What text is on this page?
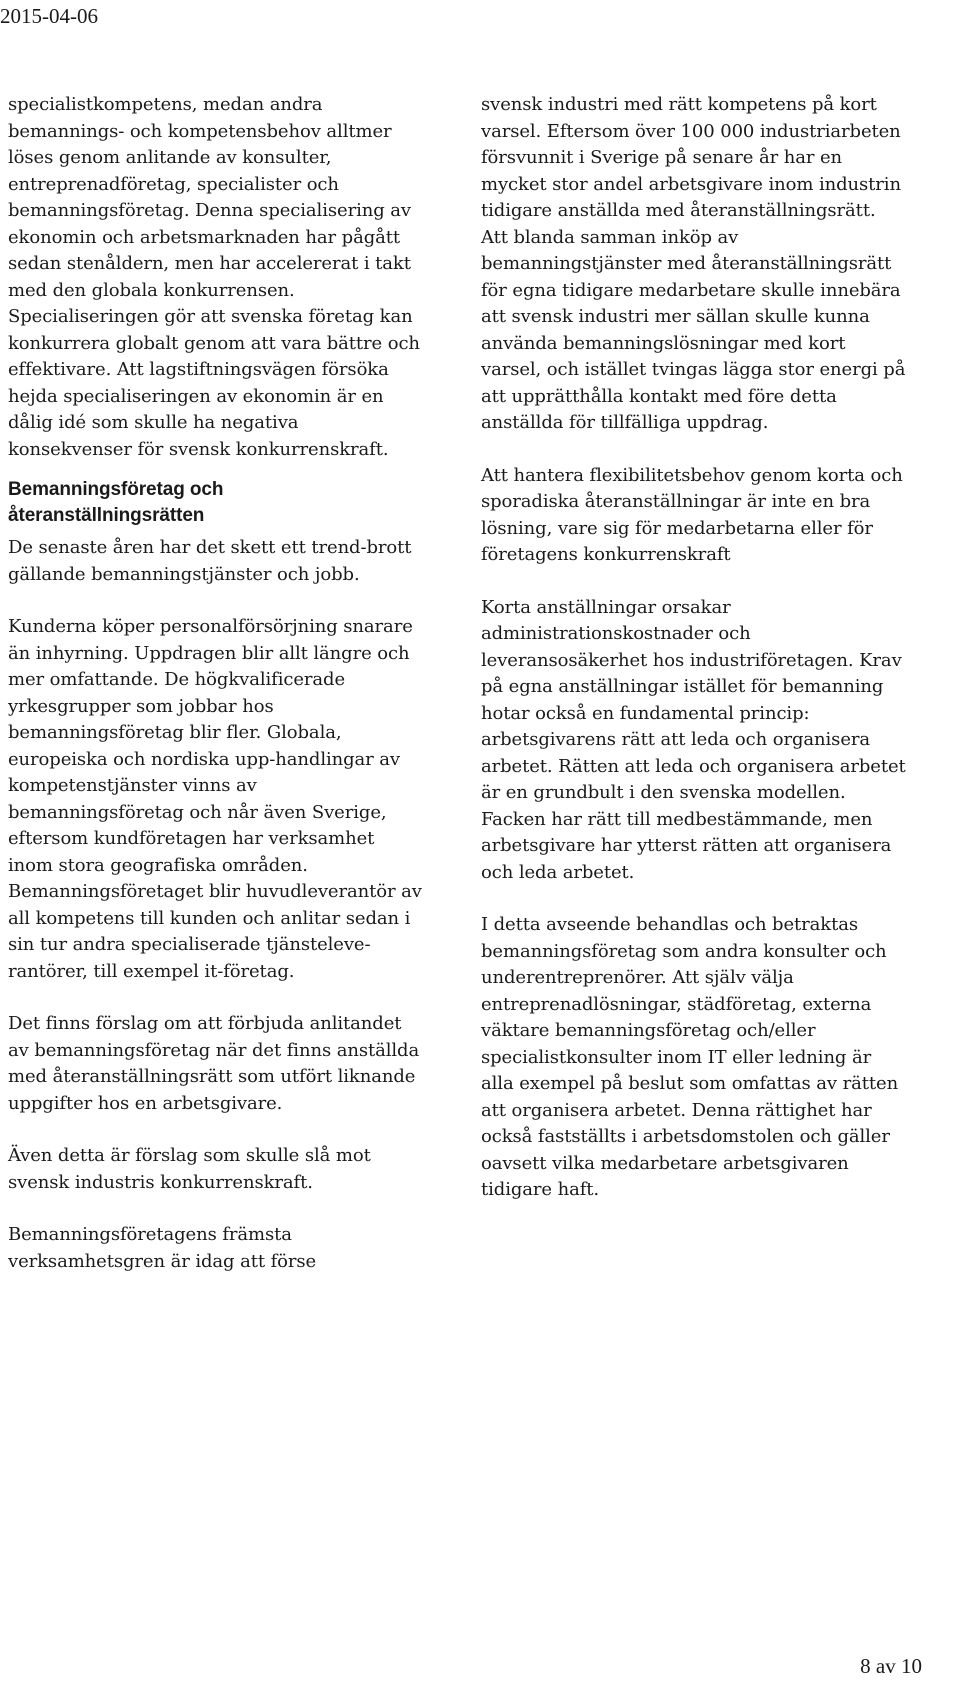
2015-04-06

specialistkompetens, medan andra bemannings- och kompetensbehov alltmer löses genom anlitande av konsulter, entreprenadföretag, specialister och bemanningsföretag. Denna specialisering av ekonomin och arbetsmarknaden har pågått sedan stenåldern, men har accelererat i takt med den globala konkurrensen. Specialiseringen gör att svenska företag kan konkurrera globalt genom att vara bättre och effektivare. Att lagstiftningsvägen försöka hejda specialiseringen av ekonomin är en dålig idé som skulle ha negativa konsekvenser för svensk konkurrenskraft.

Bemanningsföretag och återanställningsrätten

De senaste åren har det skett ett trend-brott gällande bemanningstjänster och jobb.

Kunderna köper personalförsörjning snarare än inhyrning. Uppdragen blir allt längre och mer omfattande. De högkvalificerade yrkesgrupper som jobbar hos bemanningsföretag blir fler. Globala, europeiska och nordiska upp-handlingar av kompetenstjänster vinns av bemanningsföretag och når även Sverige, eftersom kundföretagen har verksamhet inom stora geografiska områden. Bemanningsföretaget blir huvudleverantör av all kompetens till kunden och anlitar sedan i sin tur andra specialiserade tjänsteleve-rantörer, till exempel it-företag.

Det finns förslag om att förbjuda anlitandet av bemanningsföretag när det finns anställda med återanställningsrätt som utfört liknande uppgifter hos en arbetsgivare.

Även detta är förslag som skulle slå mot svensk industris konkurrenskraft.

Bemanningsföretagens främsta verksamhetsgren är idag att förse

svensk industri med rätt kompetens på kort varsel. Eftersom över 100 000 industriarbeten försvunnit i Sverige på senare år har en mycket stor andel arbetsgivare inom industrin tidigare anställda med återanställningsrätt. Att blanda samman inköp av bemanningstjänster med återanställningsrätt för egna tidigare medarbetare skulle innebära att svensk industri mer sällan skulle kunna använda bemanningslösningar med kort varsel, och istället tvingas lägga stor energi på att upprätthålla kontakt med före detta anställda för tillfälliga uppdrag.

Att hantera flexibilitetsbehov genom korta och sporadiska återanställningar är inte en bra lösning, vare sig för medarbetarna eller för företagens konkurrenskraft

Korta anställningar orsakar administrationskostnader och leveransosäkerhet hos industriföretagen. Krav på egna anställningar istället för bemanning hotar också en fundamental princip: arbetsgivarens rätt att leda och organisera arbetet. Rätten att leda och organisera arbetet är en grundbult i den svenska modellen. Facken har rätt till medbestämmande, men arbetsgivare har ytterst rätten att organisera och leda arbetet.

I detta avseende behandlas och betraktas bemanningsföretag som andra konsulter och underentreprenörer. Att själv välja entreprenadlösningar, städföretag, externa väktare bemanningsföretag och/eller specialistkonsulter inom IT eller ledning är alla exempel på beslut som omfattas av rätten att organisera arbetet. Denna rättighet har också fastställts i arbetsdomstolen och gäller oavsett vilka medarbetare arbetsgivaren tidigare haft.

8 av 10
